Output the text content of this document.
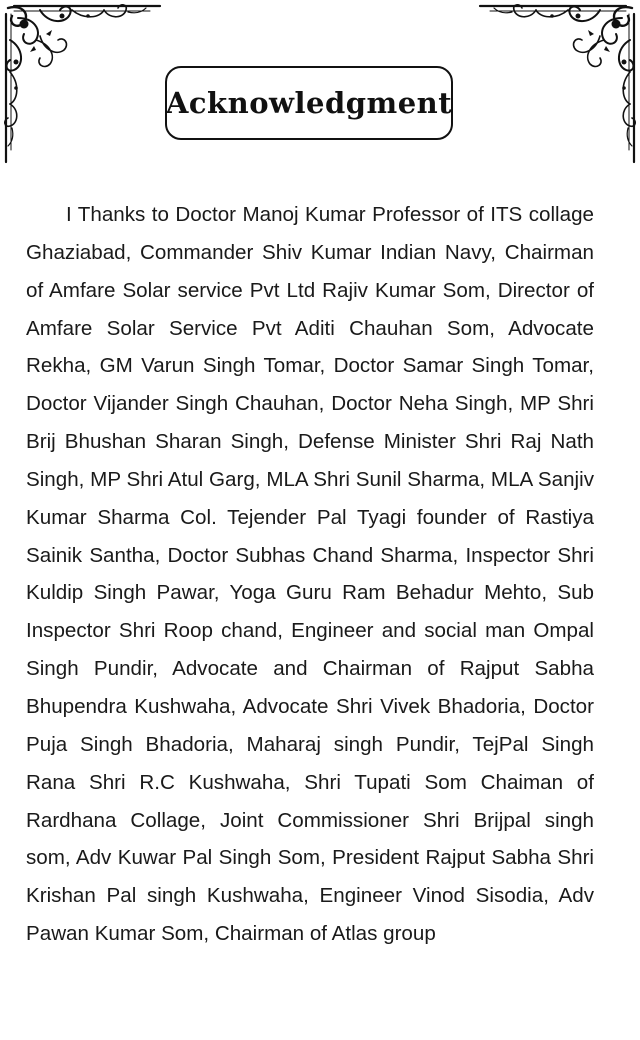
Acknowledgment

I Thanks to Doctor Manoj Kumar Professor of ITS collage Ghaziabad, Commander Shiv Kumar Indian Navy, Chairman of Amfare Solar service Pvt Ltd Rajiv Kumar Som, Director of Amfare Solar Service Pvt Aditi Chauhan Som, Advocate Rekha, GM Varun Singh Tomar, Doctor Samar Singh Tomar, Doctor Vijander Singh Chauhan, Doctor Neha Singh, MP Shri Brij Bhushan Sharan Singh, Defense Minister Shri Raj Nath Singh, MP Shri Atul Garg, MLA Shri Sunil Sharma, MLA Sanjiv Kumar Sharma Col. Tejender Pal Tyagi founder of Rastiya Sainik Santha, Doctor Subhas Chand Sharma, Inspector Shri Kuldip Singh Pawar, Yoga Guru Ram Behadur Mehto, Sub Inspector Shri Roop chand, Engineer and social man Ompal Singh Pundir, Advocate and Chairman of Rajput Sabha Bhupendra Kushwaha, Advocate Shri Vivek Bhadoria, Doctor Puja Singh Bhadoria, Maharaj singh Pundir, TejPal Singh Rana Shri R.C Kushwaha, Shri Tupati Som Chaiman of Rardhana Collage, Joint Commissioner Shri Brijpal singh som, Adv Kuwar Pal Singh Som, President Rajput Sabha Shri Krishan Pal singh Kushwaha, Engineer Vinod Sisodia, Adv Pawan Kumar Som, Chairman of Atlas group
